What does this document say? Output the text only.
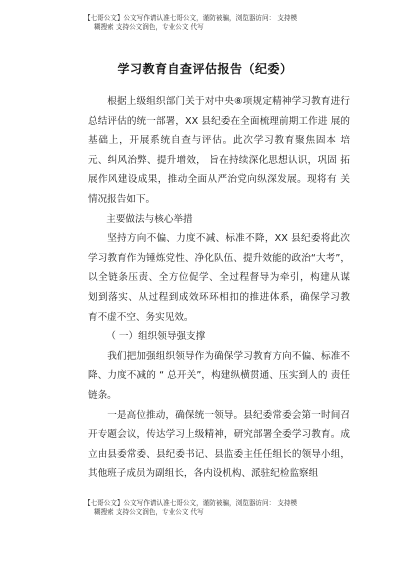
【七哥公文】公文写作请认准七哥公文，谨防被骗，浏览器访问： 支持模
糊搜索 支持公文润色，专业公文 代写
学习教育自查评估报告（纪委）

根据上级组织部门关于对中央⑧项规定精神学习教育进行总结评估的统一部署，XX 县纪委在全面梳理前期工作进 展的基础上，开展系统自查与评估。此次学习教育聚焦固本 培元、纠风治弊、提升增效， 旨在持续深化思想认识，巩固 拓展作风建设成果，推动全面从严治党向纵深发展。现将有 关情况报告如下。

主要做法与核心举措

坚持方向不偏、力度不减、标准不降，XX 县纪委将此次学习教育作为锤炼党性、净化队伍、提升效能的政治“大考”， 以全链条压责、全方位促学、全过程督导为牵引，构建从谋 划到落实、从过程到成效环环相扣的推进体系，确保学习教 育不虚不空、务实见效。

（ 一）组织领导强支撑

我们把加强组织领导作为确保学习教育方向不偏、标准不降、力度不减的 “ 总开关”，构建纵横贯通、压实到人的 责任链条。

一是高位推动，确保统一领导。县纪委常委会第一时间召开专题会议，传达学习上级精神，研究部署全委学习教育。成立由县委常委、县纪委书记、县监委主任任组长的领导小组，其他班子成员为副组长，各内设机构、派驻纪检监察组

【七哥公文】公文写作请认准七哥公文，谨防被骗，浏览器访问： 支持模
糊搜索 支持公文润色，专业公文 代写
